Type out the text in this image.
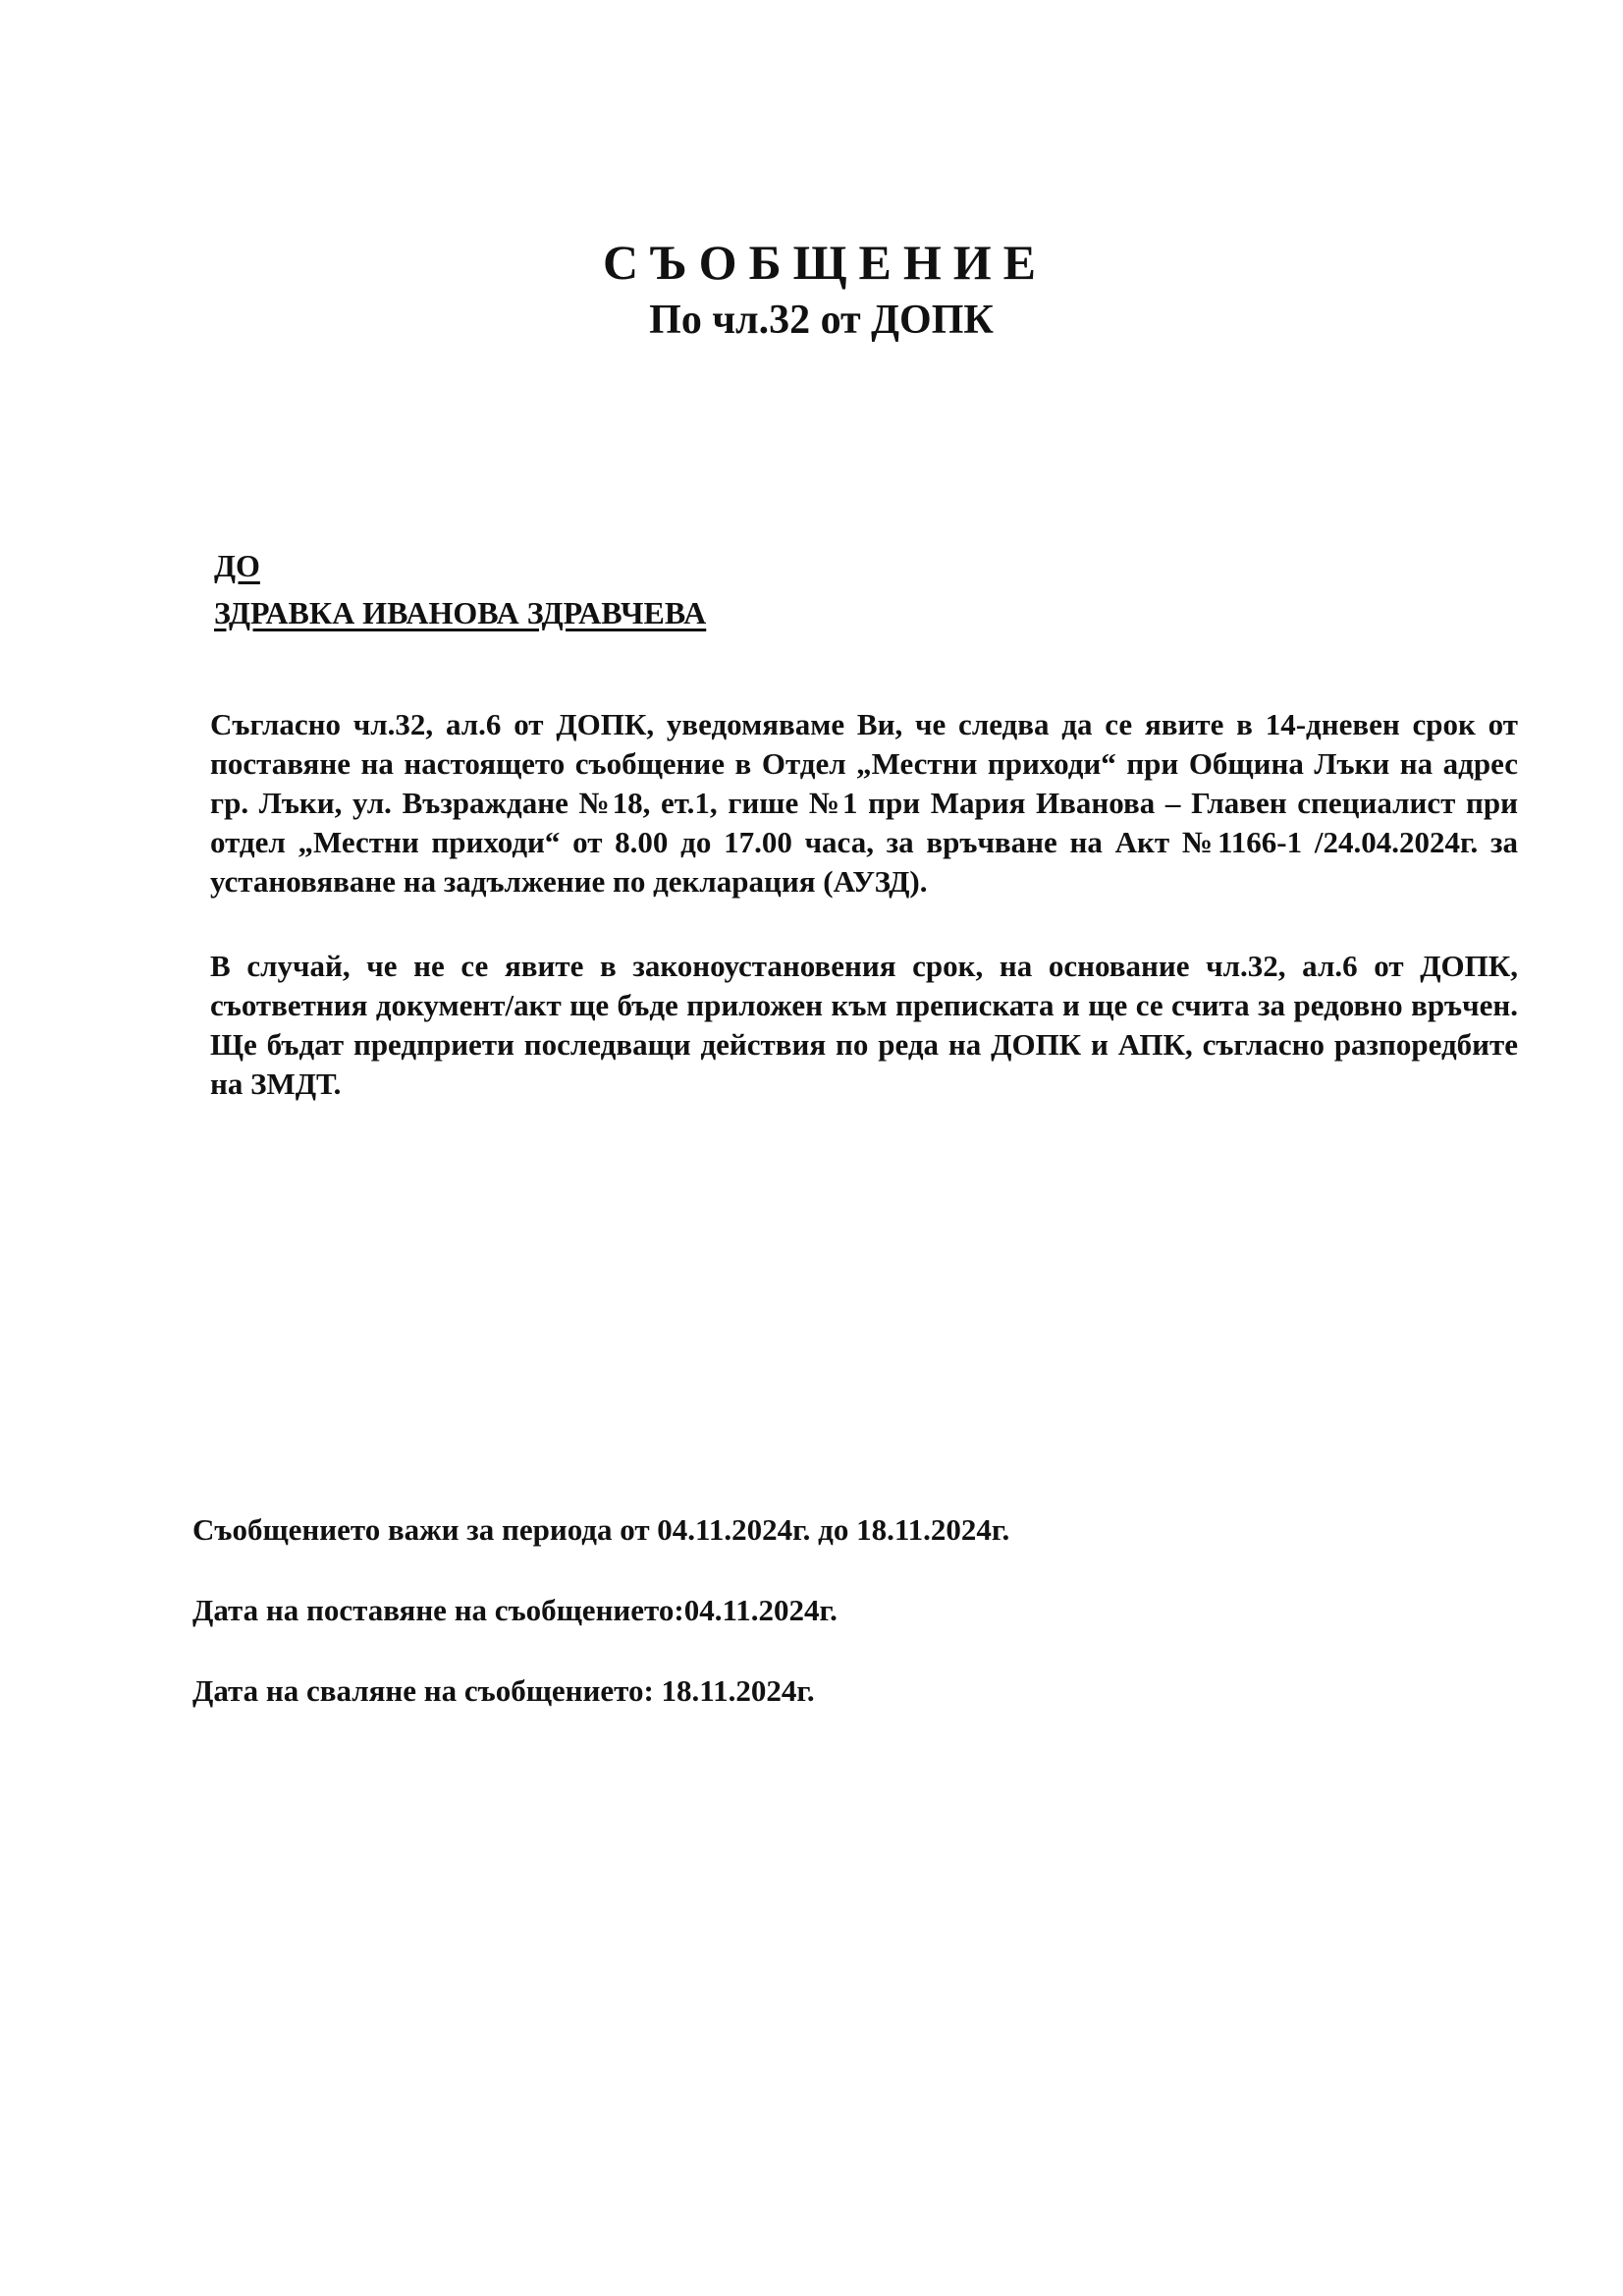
СЪОБЩЕНИЕ
По чл.32 от ДОПК
ДО
ЗДРАВКА ИВАНОВА ЗДРАВЧЕВА

Съгласно чл.32, ал.6 от ДОПК, уведомяваме Ви, че следва да се явите в 14-дневен срок от поставяне на настоящето съобщение в Отдел „Местни приходи“ при Община Лъки на адрес гр. Лъки, ул. Възраждане №18, ет.1, гише №1 при Мария Иванова – Главен специалист при отдел „Местни приходи“ от 8.00 до 17.00 часа, за връчване на Акт №1166-1 /24.04.2024г. за установяване на задължение по декларация (АУЗД).

В случай, че не се явите в законоустановения срок, на основание чл.32, ал.6 от ДОПК, съответния документ/акт ще бъде приложен към преписката и ще се счита за редовно връчен. Ще бъдат предприети последващи действия по реда на ДОПК и АПК, съгласно разпоредбите на ЗМДТ.

Съобщението важи за периода от 04.11.2024г. до 18.11.2024г.

Дата на поставяне на съобщението:04.11.2024г.

Дата на сваляне на съобщението: 18.11.2024г.
